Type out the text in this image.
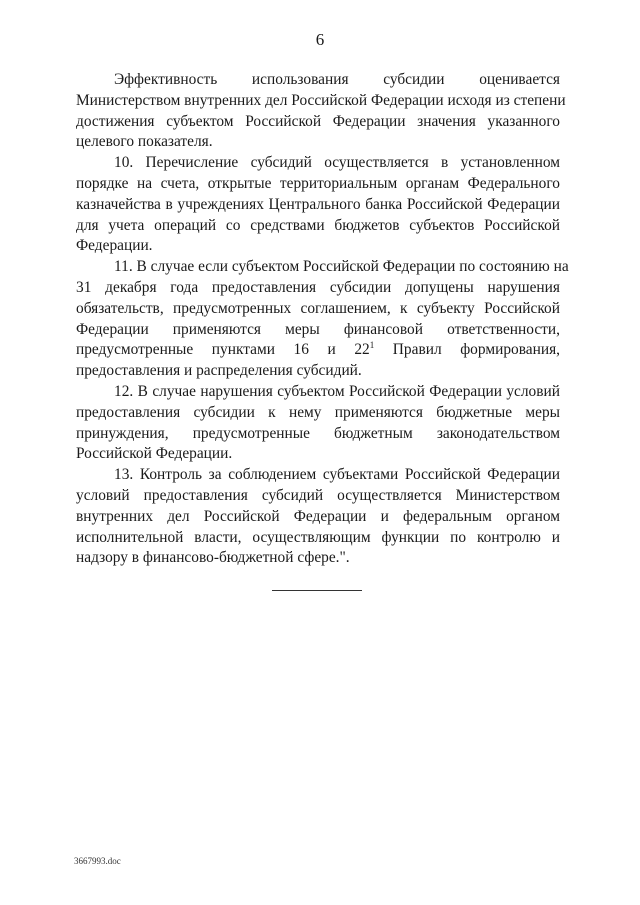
6
Эффективность использования субсидии оценивается
Министерством внутренних дел Российской Федерации исходя из степени
достижения субъектом Российской Федерации значения указанного
целевого показателя.
10. Перечисление субсидий осуществляется в установленном
порядке на счета, открытые территориальным органам Федерального
казначейства в учреждениях Центрального банка Российской Федерации
для учета операций со средствами бюджетов субъектов Российской
Федерации.
11. В случае если субъектом Российской Федерации по состоянию на
31 декабря года предоставления субсидии допущены нарушения
обязательств, предусмотренных соглашением, к субъекту Российской
Федерации применяются меры финансовой ответственности,
предусмотренные пунктами 16 и $22^1$ Правил формирования,
предоставления и распределения субсидий.
12. В случае нарушения субъектом Российской Федерации условий
предоставления субсидии к нему применяются бюджетные меры
принуждения, предусмотренные бюджетным законодательством
Российской Федерации.
13. Контроль за соблюдением субъектами Российской Федерации
условий предоставления субсидий осуществляется Министерством
внутренних дел Российской Федерации и федеральным органом
исполнительной власти, осуществляющим функции по контролю и
надзору в финансово-бюджетной сфере.".
3667993.doc
